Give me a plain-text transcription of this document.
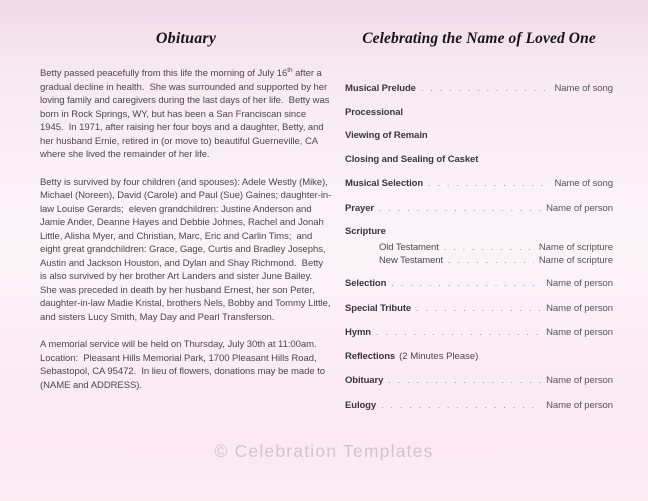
Obituary

Betty passed peacefully from this life the morning of July 16th after a gradual decline in health.  She was surrounded and supported by her loving family and caregivers during the last days of her life.  Betty was born in Rock Springs, WY, but has been a San Franciscan since 1945.  In 1971, after raising her four boys and a daughter, Betty, and her husband Ernie, retired in (or move to) beautiful Guerneville, CA where she lived the remainder of her life.

Betty is survived by four children (and spouses): Adele Westly (Mike), Michael (Noreen), David (Carole) and Paul (Sue) Gaines; daughter-in-law Louise Gerards;  eleven grandchildren: Justine Anderson and Jamie Ander, Deanne Hayes and Debbie Johnes, Rachel and Jonah Little, Alisha Myer, and Christian, Marc, Eric and Carlin Tims;  and eight great grandchildren: Grace, Gage, Curtis and Bradley Josephs, Austin and Jackson Houston, and Dylan and Shay Richmond.  Betty is also survived by her brother Art Landers and sister June Bailey.  She was preceded in death by her husband Ernest, her son Peter, daughter-in-law Madie Kristal, brothers Nels, Bobby and Tommy Little, and sisters Lucy Smith, May Day and Pearl Transferson.

A memorial service will be held on Thursday, July 30th at 11:00am.  Location:  Pleasant Hills Memorial Park, 1700 Pleasant Hills Road, Sebastopol, CA 95472.  In lieu of flowers, donations may be made to (NAME and ADDRESS).

Celebrating the Name of Loved One
Musical Prelude . . .	Name of song
Processional
Viewing of Remain
Closing and Sealing of Casket
Musical Selection . . .	Name of song
Prayer . . .	Name of person
Scripture
Old Testament . . .	Name of scripture
New Testament . . .	Name of scripture
Selection . . .	Name of person
Special Tribute . . .	Name of person
Hymn . . .	Name of person
Reflections (2 Minutes Please)
Obituary . . .	Name of person
Eulogy . . .	Name of person
© Celebration Templates
